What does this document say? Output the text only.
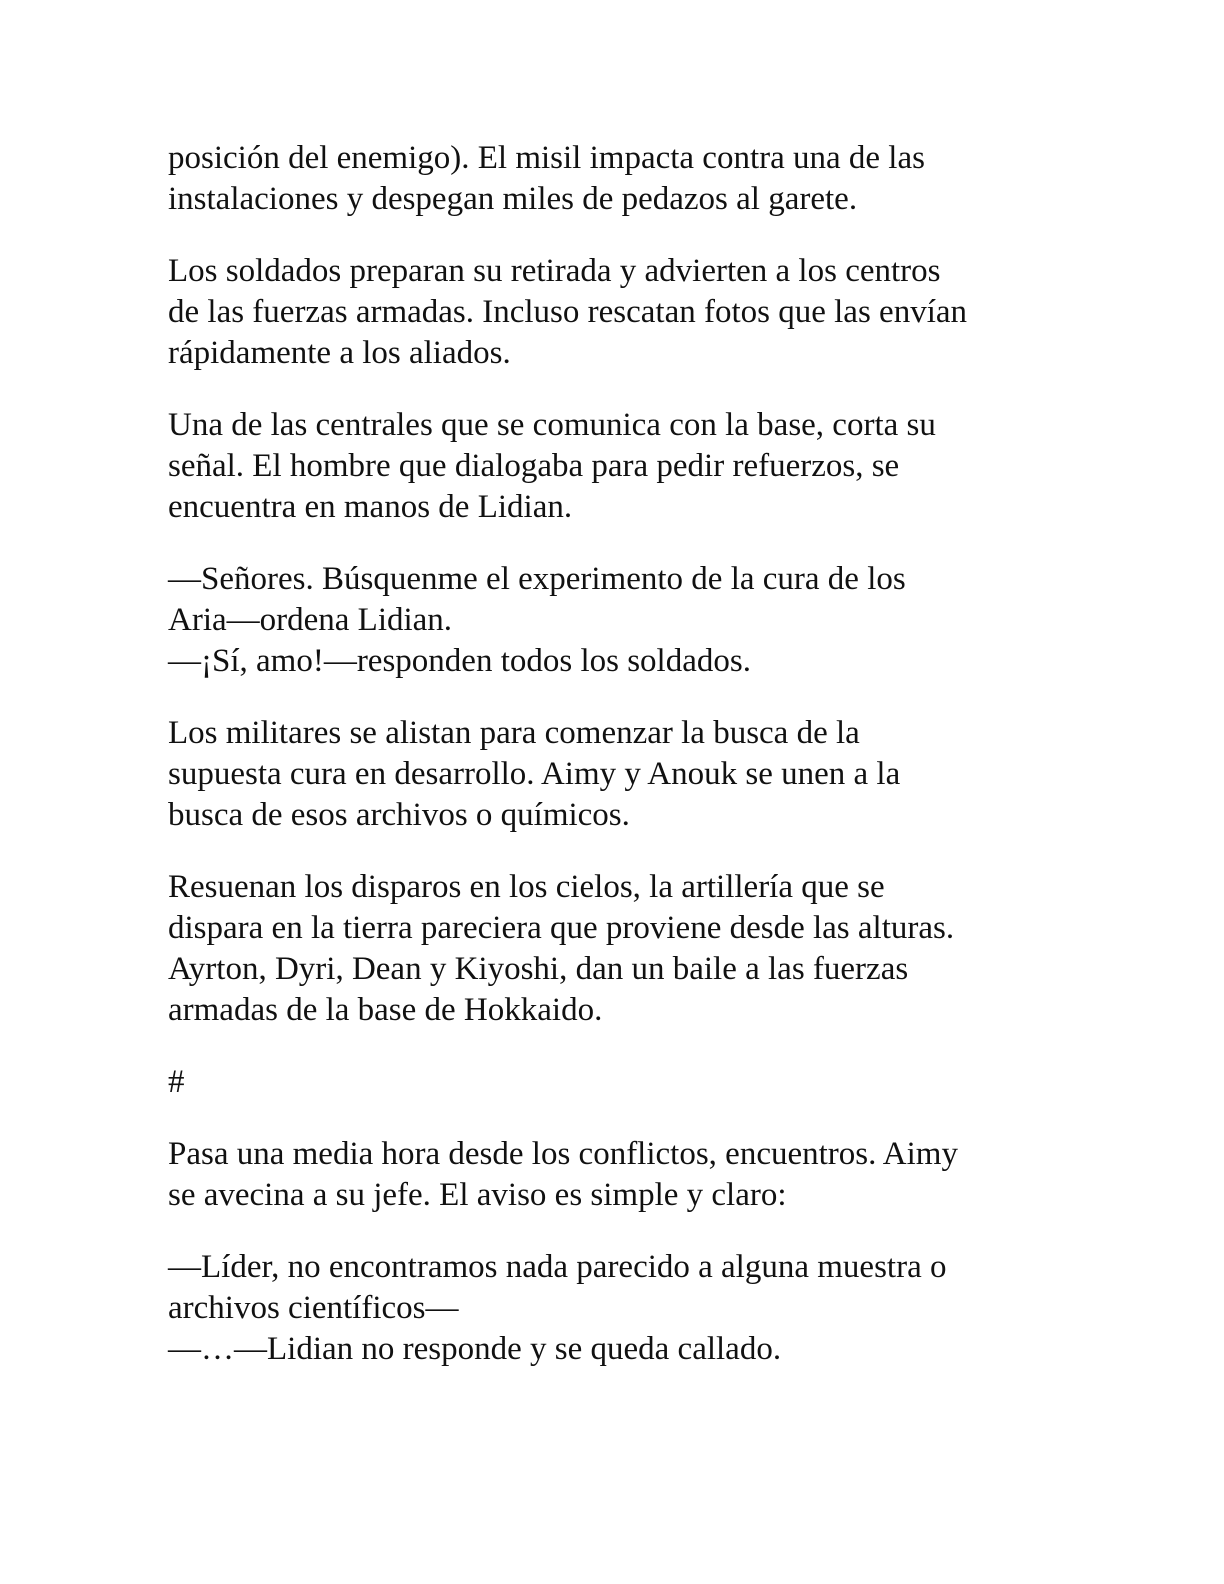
posición del enemigo). El misil impacta contra una de las
instalaciones y despegan miles de pedazos al garete.

Los soldados preparan su retirada y advierten a los centros
de las fuerzas armadas. Incluso rescatan fotos que las envían
rápidamente a los aliados.

Una de las centrales que se comunica con la base, corta su
señal. El hombre que dialogaba para pedir refuerzos, se
encuentra en manos de Lidian.

—Señores. Búsquenme el experimento de la cura de los
Aria—ordena Lidian.
—¡Sí, amo!—responden todos los soldados.

Los militares se alistan para comenzar la busca de la
supuesta cura en desarrollo. Aimy y Anouk se unen a la
busca de esos archivos o químicos.

Resuenan los disparos en los cielos, la artillería que se
dispara en la tierra pareciera que proviene desde las alturas.
Ayrton, Dyri, Dean y Kiyoshi, dan un baile a las fuerzas
armadas de la base de Hokkaido.

#

Pasa una media hora desde los conflictos, encuentros. Aimy
se avecina a su jefe. El aviso es simple y claro:

—Líder, no encontramos nada parecido a alguna muestra o
archivos científicos—
—…—Lidian no responde y se queda callado.
